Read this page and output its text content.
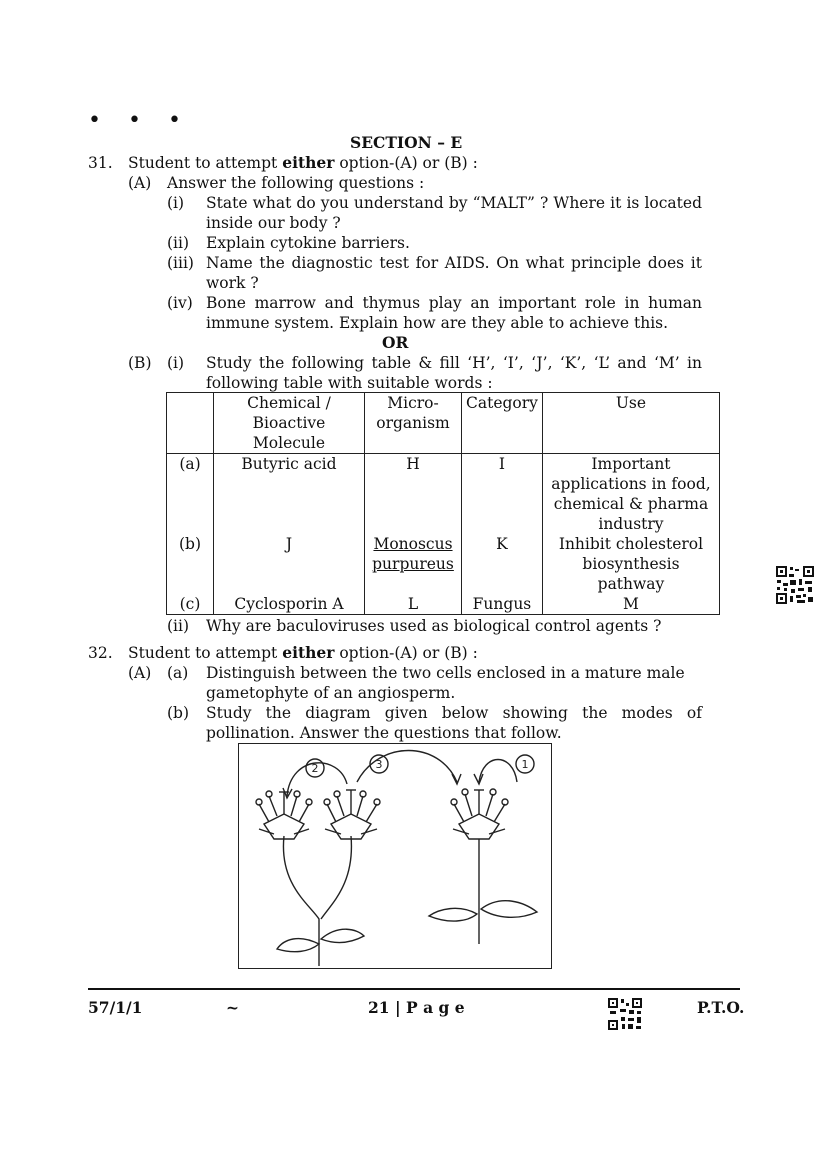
• • •
SECTION – E
31. Student to attempt either option-(A) or (B) :
(A) Answer the following questions :
(i) State what do you understand by “MALT” ? Where it is located
inside our body ?
(ii) Explain cytokine barriers.
(iii) Name the diagnostic test for AIDS. On what principle does it
work ?
(iv) Bone marrow and thymus play an important role in human
immune system. Explain how are they able to achieve this.
OR
(B) (i) Study the following table & fill ‘H’, ‘I’, ‘J’, ‘K’, ‘L’ and ‘M’ in
following table with suitable words :
	Chemical /
Bioactive
Molecule	Micro-
organism	Category	Use
(a)	Butyric acid	H	I	Important
applications in food,
chemical & pharma
industry
(b)	J	Monoscus
purpureus	K	Inhibit cholesterol
biosynthesis
pathway
(c)	Cyclosporin A	L	Fungus	M
(ii) Why are baculoviruses used as biological control agents ?
32. Student to attempt either option-(A) or (B) :
(A) (a) Distinguish between the two cells enclosed in a mature male
gametophyte of an angiosperm.
(b) Study the diagram given below showing the modes of
pollination. Answer the questions that follow.
2	3	1
57/1/1	~	21 | P a g e	P.T.O.
